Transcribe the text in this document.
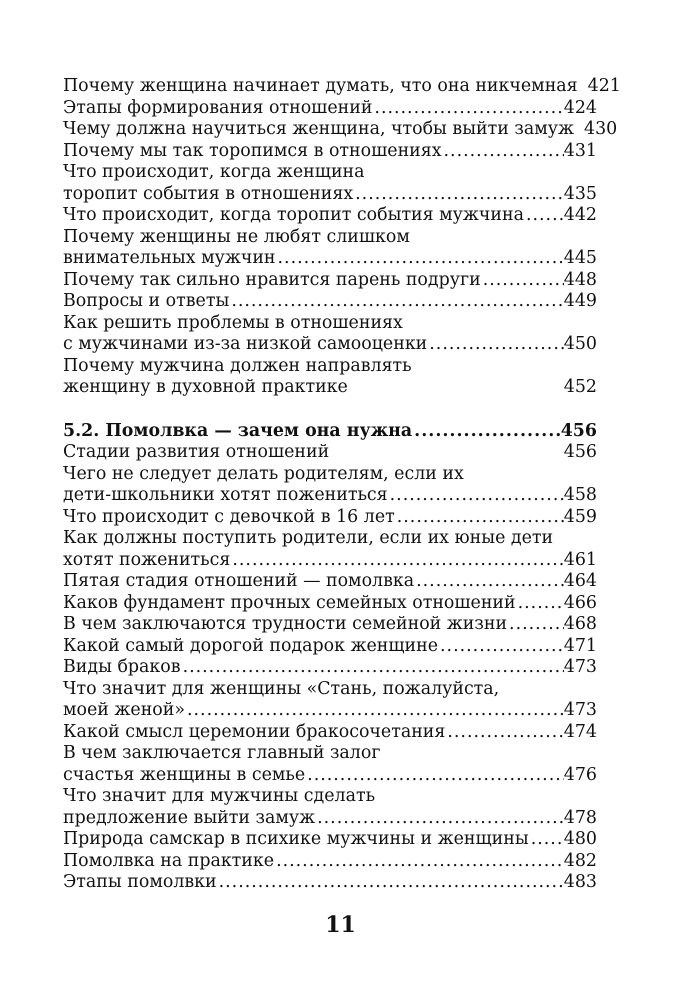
Почему женщина начинает думать, что она никчемная 421
Этапы формирования отношений .....	424
Чему должна научиться женщина, чтобы выйти замуж 430
Почему мы так торопимся в отношениях .....	431
Что происходит, когда женщина
торопит события в отношениях .....	435
Что происходит, когда торопит события мужчина ..... 442
Почему женщины не любят слишком
внимательных мужчин .....	445
Почему так сильно нравится парень подруги .....	448
Вопросы и ответы .....	449
Как решить проблемы в отношениях
с мужчинами из-за низкой самооценки .....	450
Почему мужчина должен направлять
женщину в духовной практике	452
5.2. Помолвка — зачем она нужна .....	456
Стадии развития отношений	456
Чего не следует делать родителям, если их
дети-школьники хотят пожениться .....	458
Что происходит с девочкой в 16 лет .....	459
Как должны поступить родители, если их юные дети
хотят пожениться .....	461
Пятая стадия отношений — помолвка .....	464
Каков фундамент прочных семейных отношений .....	466
В чем заключаются трудности семейной жизни .....	468
Какой самый дорогой подарок женщине .....	471
Виды браков .....	473
Что значит для женщины «Стань, пожалуйста,
моей женой» .....	473
Какой смысл церемонии бракосочетания .....	474
В чем заключается главный залог
счастья женщины в семье .....	476
Что значит для мужчины сделать
предложение выйти замуж .....	478
Природа самскар в психике мужчины и женщины ..... 480
Помолвка на практике .....	482
Этапы помолвки .....	483
11
